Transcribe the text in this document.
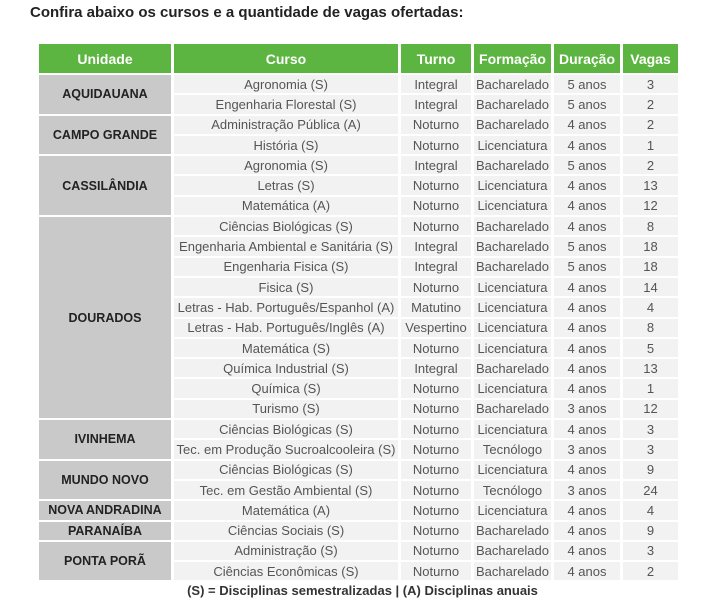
Confira abaixo os cursos e a quantidade de vagas ofertadas:
Unidade	Curso	Turno	Formação	Duração	Vagas
AQUIDAUANA	Agronomia (S)	Integral	Bacharelado	5 anos	3
	Engenharia Florestal (S)	Integral	Bacharelado	5 anos	2
CAMPO GRANDE	Administração Pública (A)	Noturno	Bacharelado	4 anos	2
	História (S)	Noturno	Licenciatura	4 anos	1
CASSILÂNDIA	Agronomia (S)	Integral	Bacharelado	5 anos	2
	Letras (S)	Noturno	Licenciatura	4 anos	13
	Matemática (A)	Noturno	Licenciatura	4 anos	12
DOURADOS	Ciências Biológicas (S)	Noturno	Bacharelado	4 anos	8
	Engenharia Ambiental e Sanitária (S)	Integral	Bacharelado	5 anos	18
	Engenharia Fisica (S)	Integral	Bacharelado	5 anos	18
	Fisica (S)	Noturno	Licenciatura	4 anos	14
	Letras - Hab. Português/Espanhol (A)	Matutino	Licenciatura	4 anos	4
	Letras - Hab. Português/Inglês (A)	Vespertino	Licenciatura	4 anos	8
	Matemática (S)	Noturno	Licenciatura	4 anos	5
	Química Industrial (S)	Integral	Bacharelado	4 anos	13
	Química (S)	Noturno	Licenciatura	4 anos	1
	Turismo (S)	Noturno	Bacharelado	3 anos	12
IVINHEMA	Ciências Biológicas (S)	Noturno	Licenciatura	4 anos	3
	Tec. em Produção Sucroalcooleira (S)	Noturno	Tecnólogo	3 anos	3
MUNDO NOVO	Ciências Biológicas (S)	Noturno	Licenciatura	4 anos	9
	Tec. em Gestão Ambiental (S)	Noturno	Tecnólogo	3 anos	24
NOVA ANDRADINA	Matemática (A)	Noturno	Licenciatura	4 anos	4
PARANAÍBA	Ciências Sociais (S)	Noturno	Bacharelado	4 anos	9
PONTA PORÃ	Administração (S)	Noturno	Bacharelado	4 anos	3
	Ciências Econômicas (S)	Noturno	Bacharelado	4 anos	2
(S) = Disciplinas semestralizadas | (A) Disciplinas anuais
